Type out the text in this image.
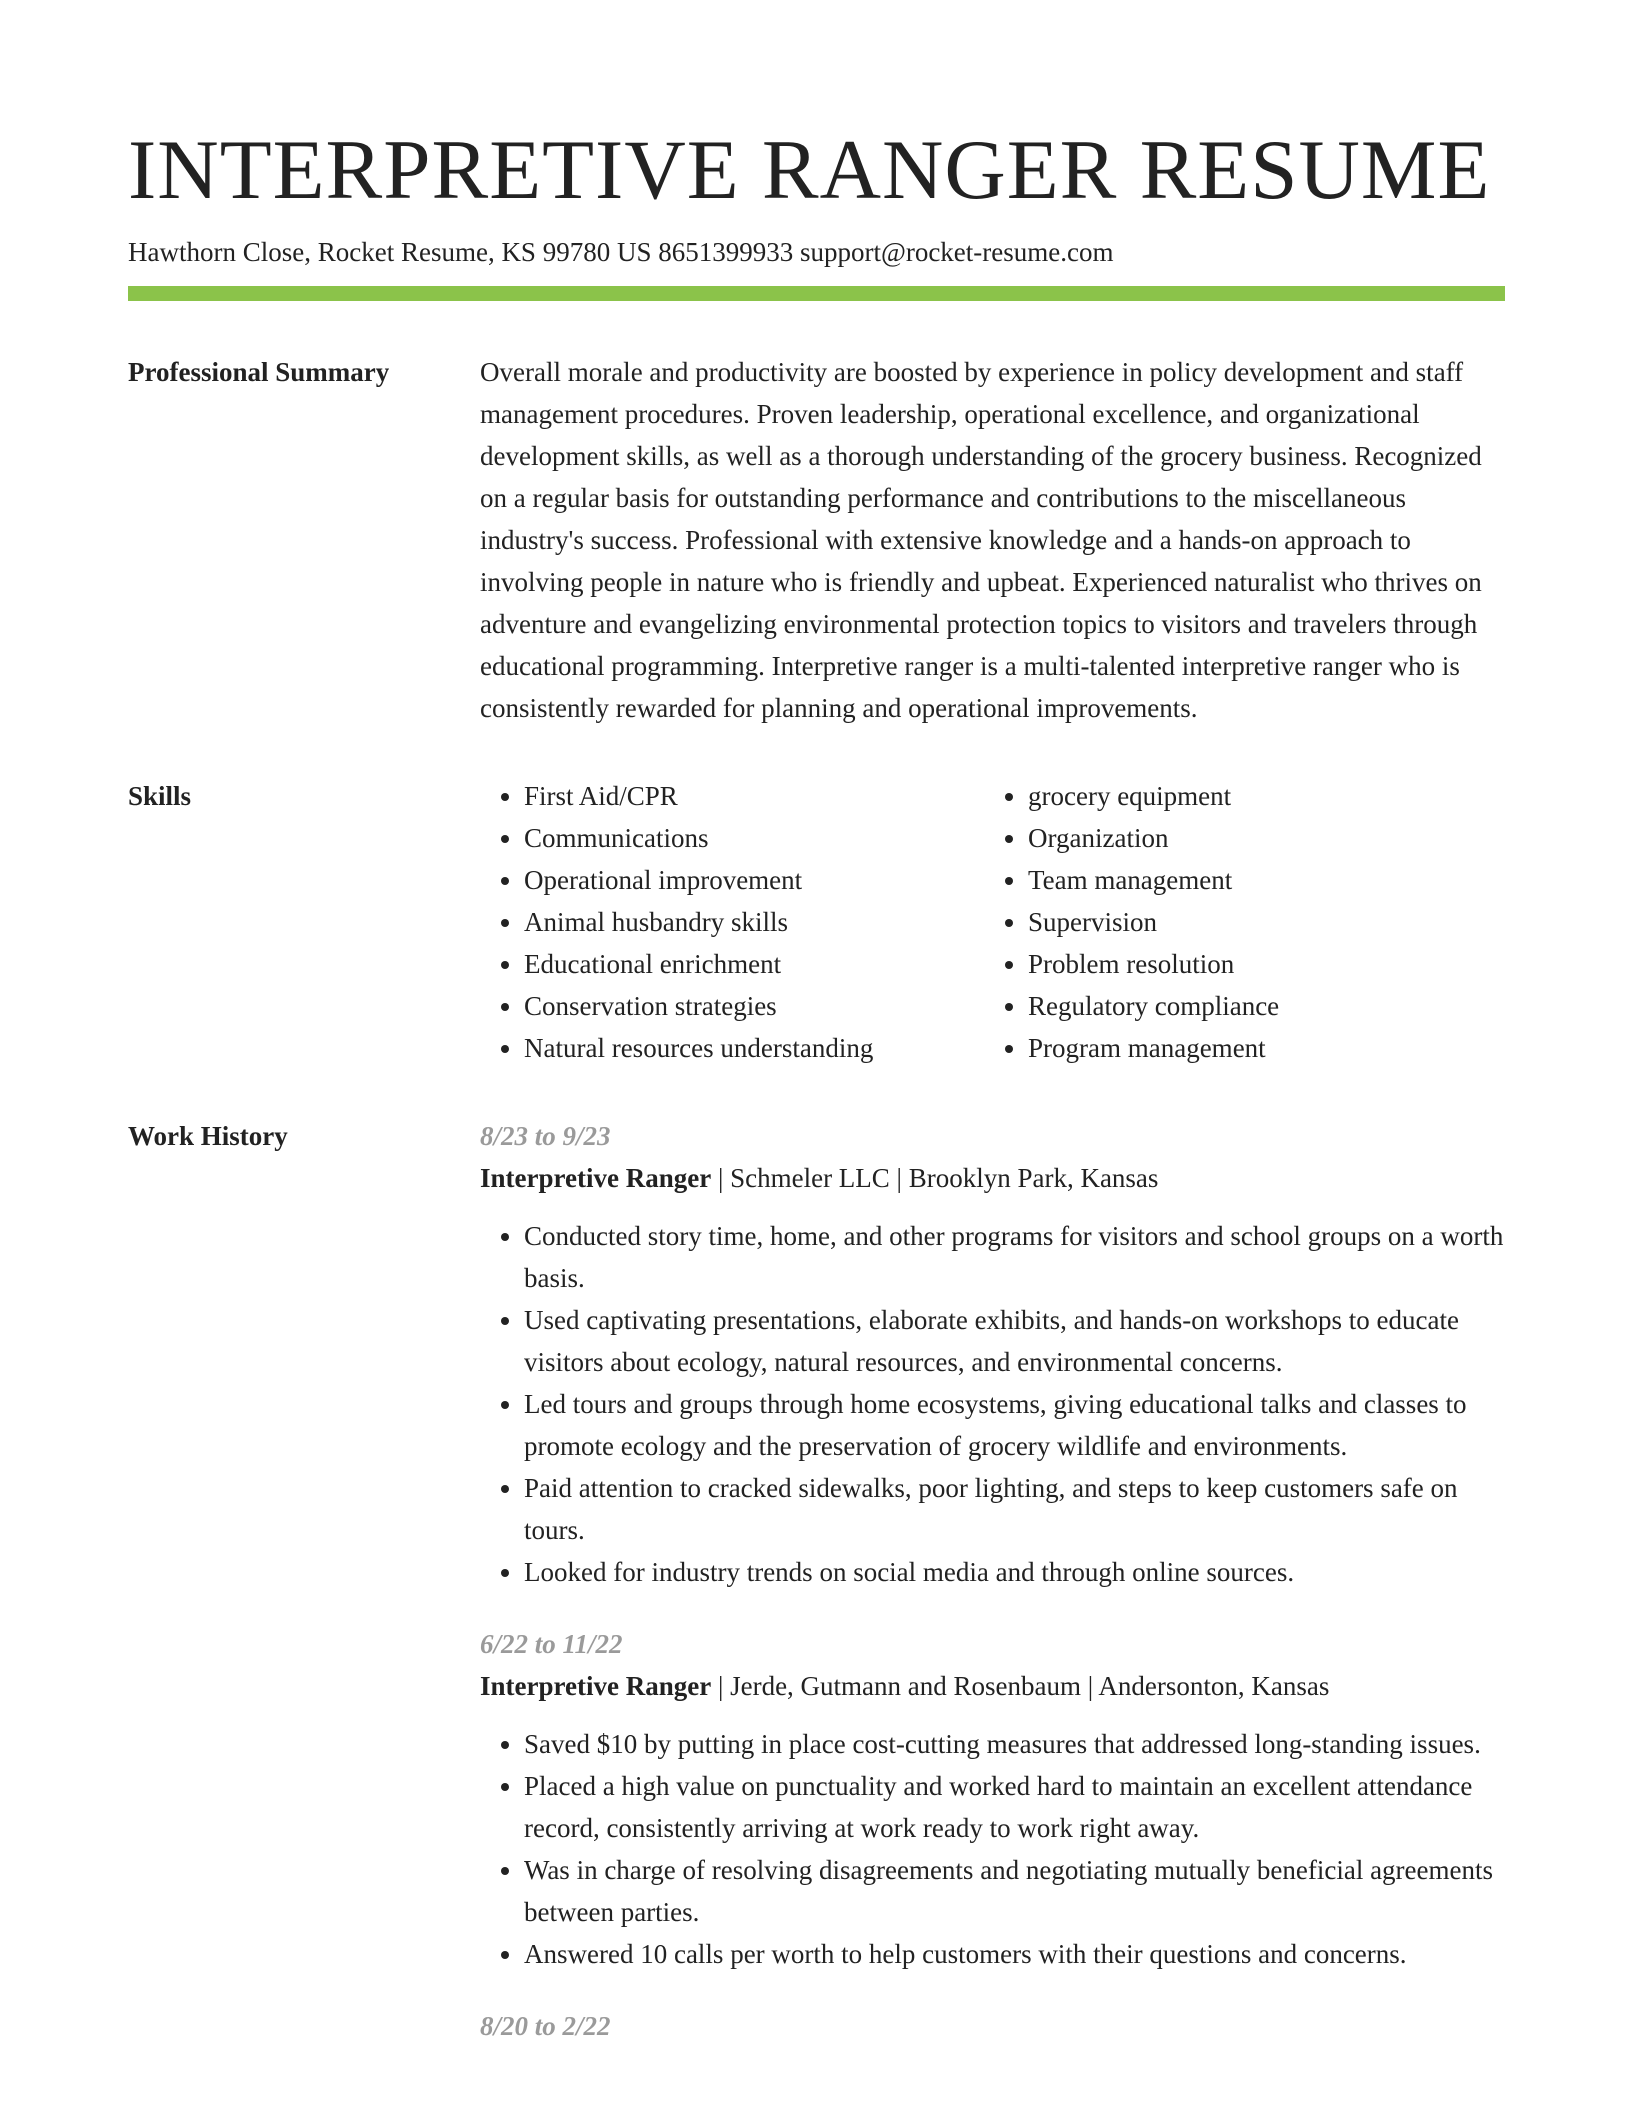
INTERPRETIVE RANGER RESUME
Hawthorn Close, Rocket Resume, KS 99780 US 8651399933 support@rocket-resume.com
Professional Summary	Overall morale and productivity are boosted by experience in policy development and staff management procedures. Proven leadership, operational excellence, and organizational development skills, as well as a thorough understanding of the grocery business. Recognized on a regular basis for outstanding performance and contributions to the miscellaneous industry's success. Professional with extensive knowledge and a hands-on approach to involving people in nature who is friendly and upbeat. Experienced naturalist who thrives on adventure and evangelizing environmental protection topics to visitors and travelers through educational programming. Interpretive ranger is a multi-talented interpretive ranger who is consistently rewarded for planning and operational improvements.

Skills
•	First Aid/CPR
• Communications
• Operational improvement
• Animal husbandry skills
• Educational enrichment
• Conservation strategies
• Natural resources understanding
• grocery equipment
• Organization
• Team management
• Supervision
• Problem resolution
• Regulatory compliance
• Program management
Work History	8/23 to 9/23
Interpretive Ranger | Schmeler LLC | Brooklyn Park, Kansas
• Conducted story time, home, and other programs for visitors and school groups on a worth basis.
• Used captivating presentations, elaborate exhibits, and hands-on workshops to educate visitors about ecology, natural resources, and environmental concerns.
• Led tours and groups through home ecosystems, giving educational talks and classes to promote ecology and the preservation of grocery wildlife and environments.
• Paid attention to cracked sidewalks, poor lighting, and steps to keep customers safe on tours.
• Looked for industry trends on social media and through online sources.
6/22 to 11/22
Interpretive Ranger | Jerde, Gutmann and Rosenbaum | Andersonton, Kansas
• Saved $10 by putting in place cost-cutting measures that addressed long-standing issues.
• Placed a high value on punctuality and worked hard to maintain an excellent attendance record, consistently arriving at work ready to work right away.
• Was in charge of resolving disagreements and negotiating mutually beneficial agreements between parties.
• Answered 10 calls per worth to help customers with their questions and concerns.
8/20 to 2/22
